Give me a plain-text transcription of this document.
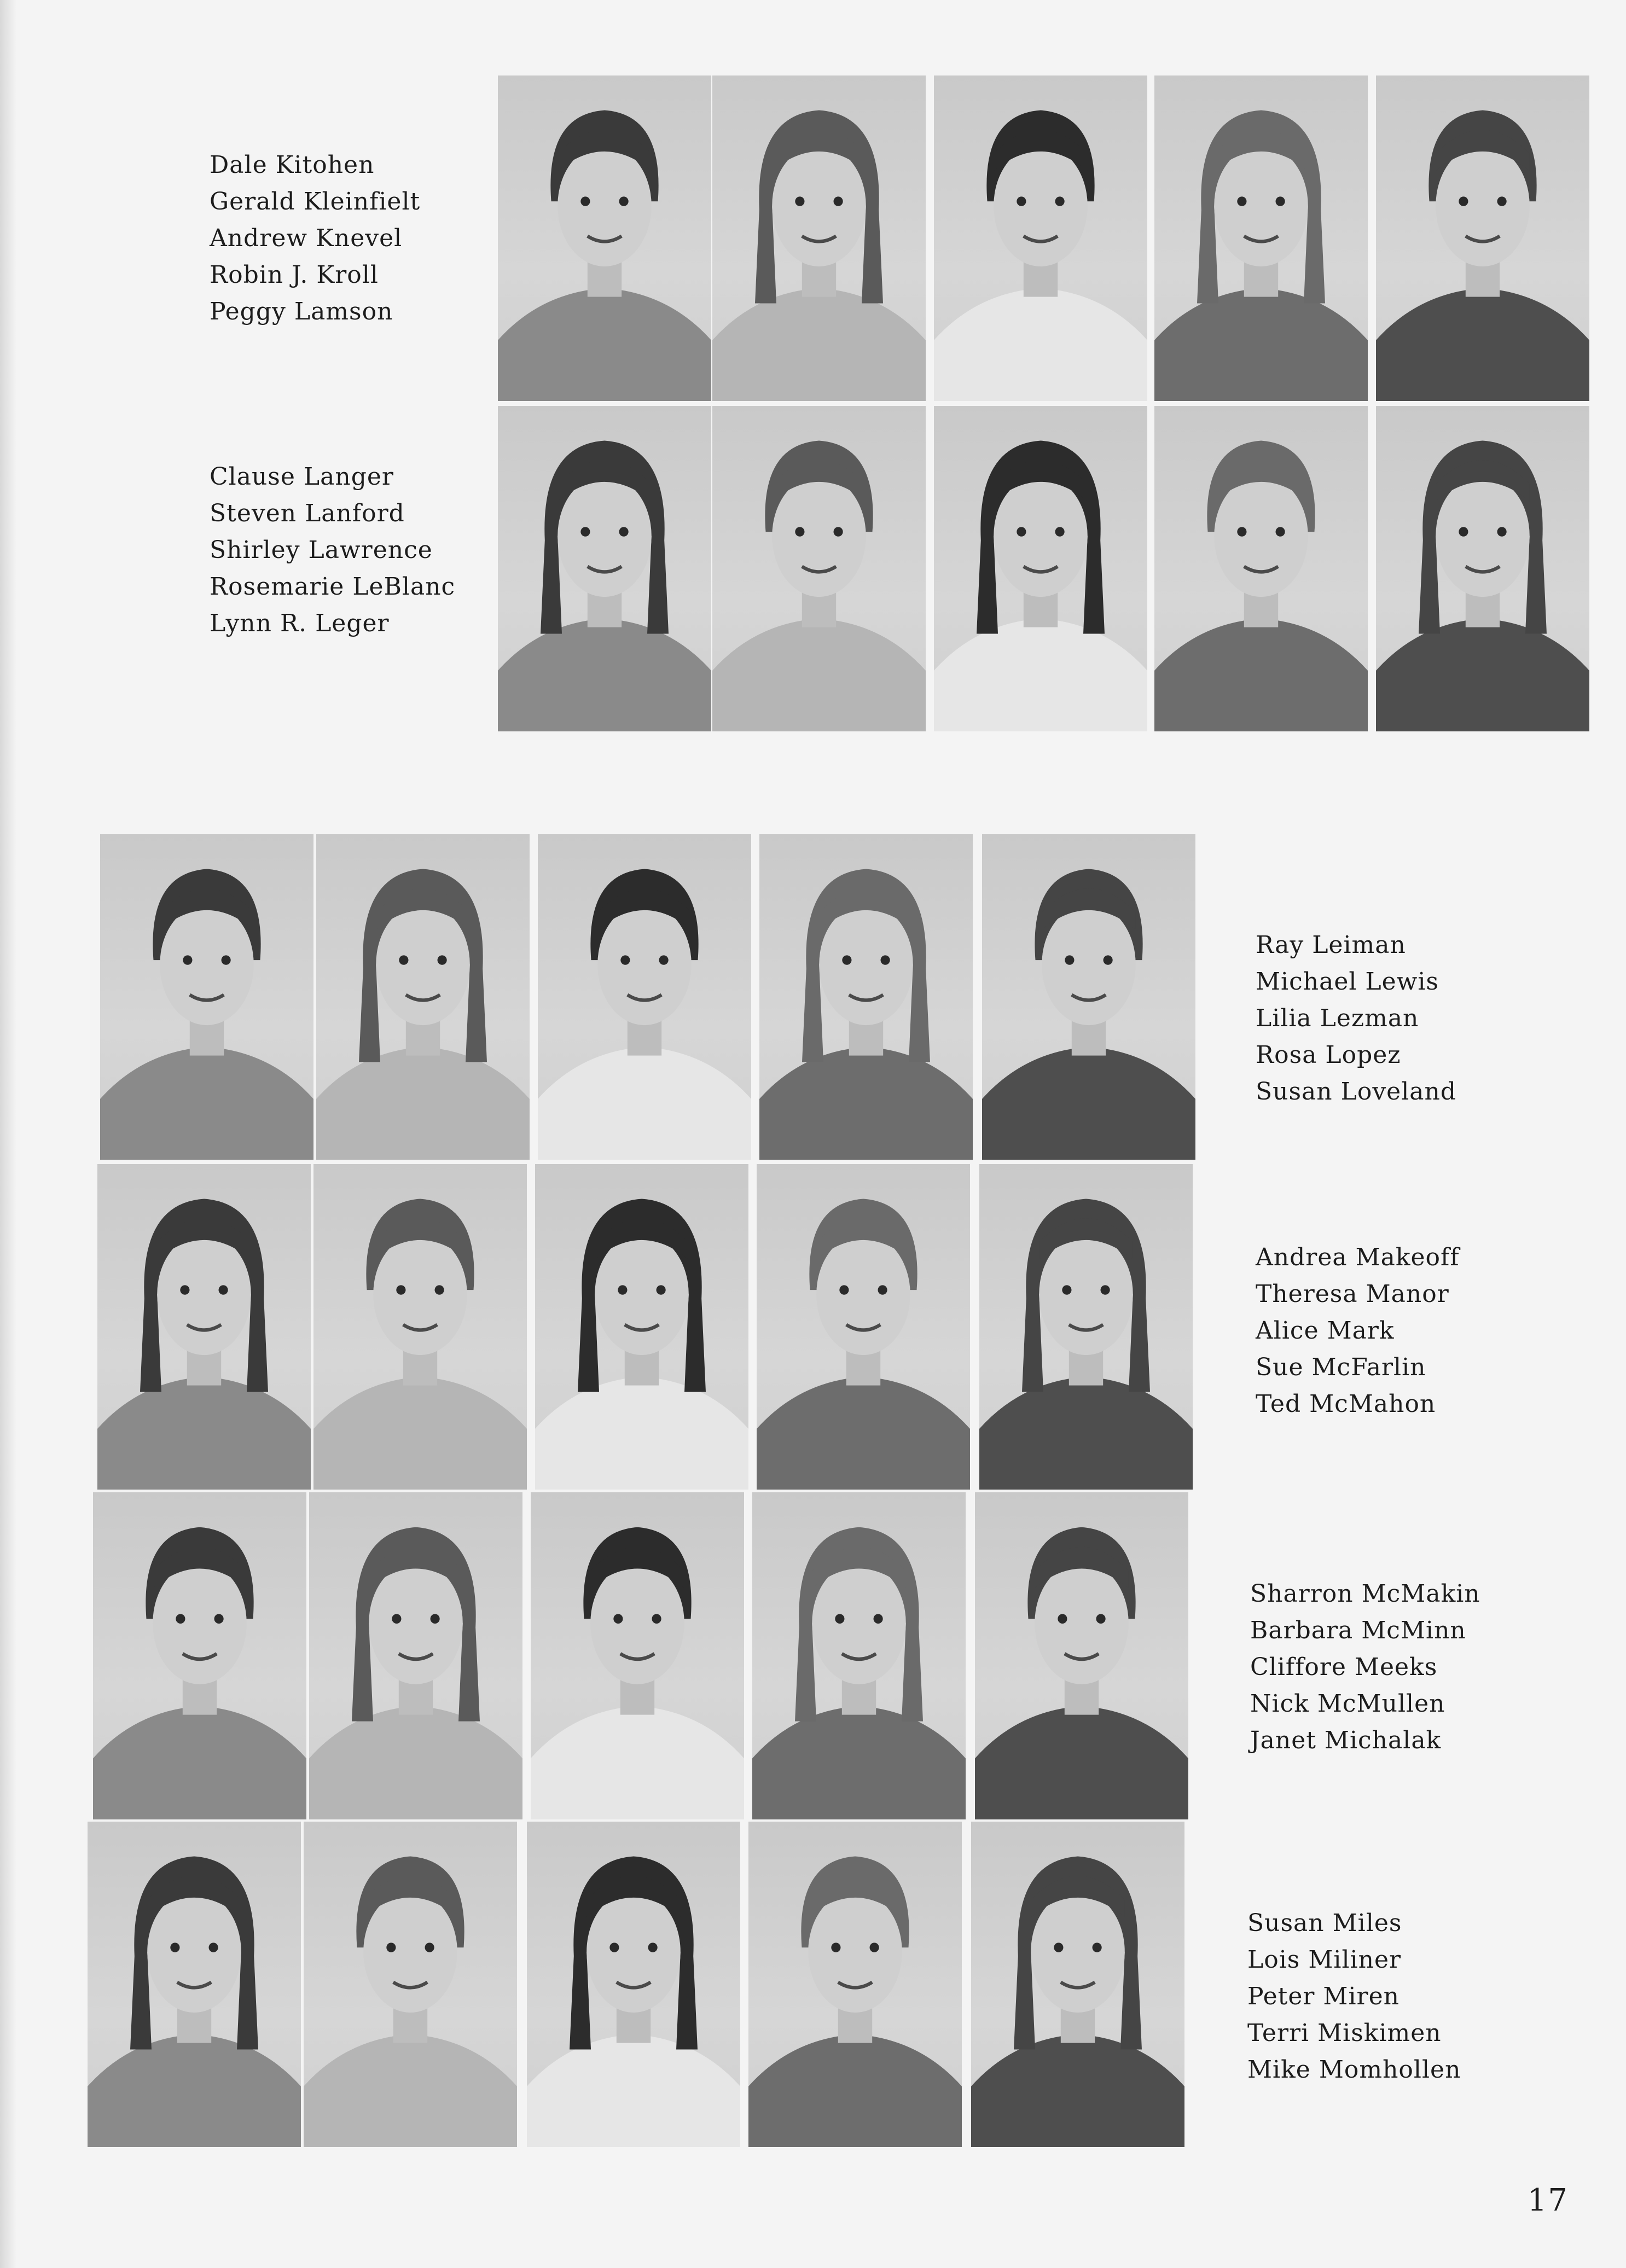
Dale Kitohen
Gerald Kleinfielt
Andrew Knevel
Robin J. Kroll
Peggy Lamson
Clause Langer
Steven Lanford
Shirley Lawrence
Rosemarie LeBlanc
Lynn R. Leger
Ray Leiman
Michael Lewis
Lilia Lezman
Rosa Lopez
Susan Loveland
Andrea Makeoff
Theresa Manor
Alice Mark
Sue McFarlin
Ted McMahon
Sharron McMakin
Barbara McMinn
Cliffore Meeks
Nick McMullen
Janet Michalak
Susan Miles
Lois Miliner
Peter Miren
Terri Miskimen
Mike Momhollen
17
